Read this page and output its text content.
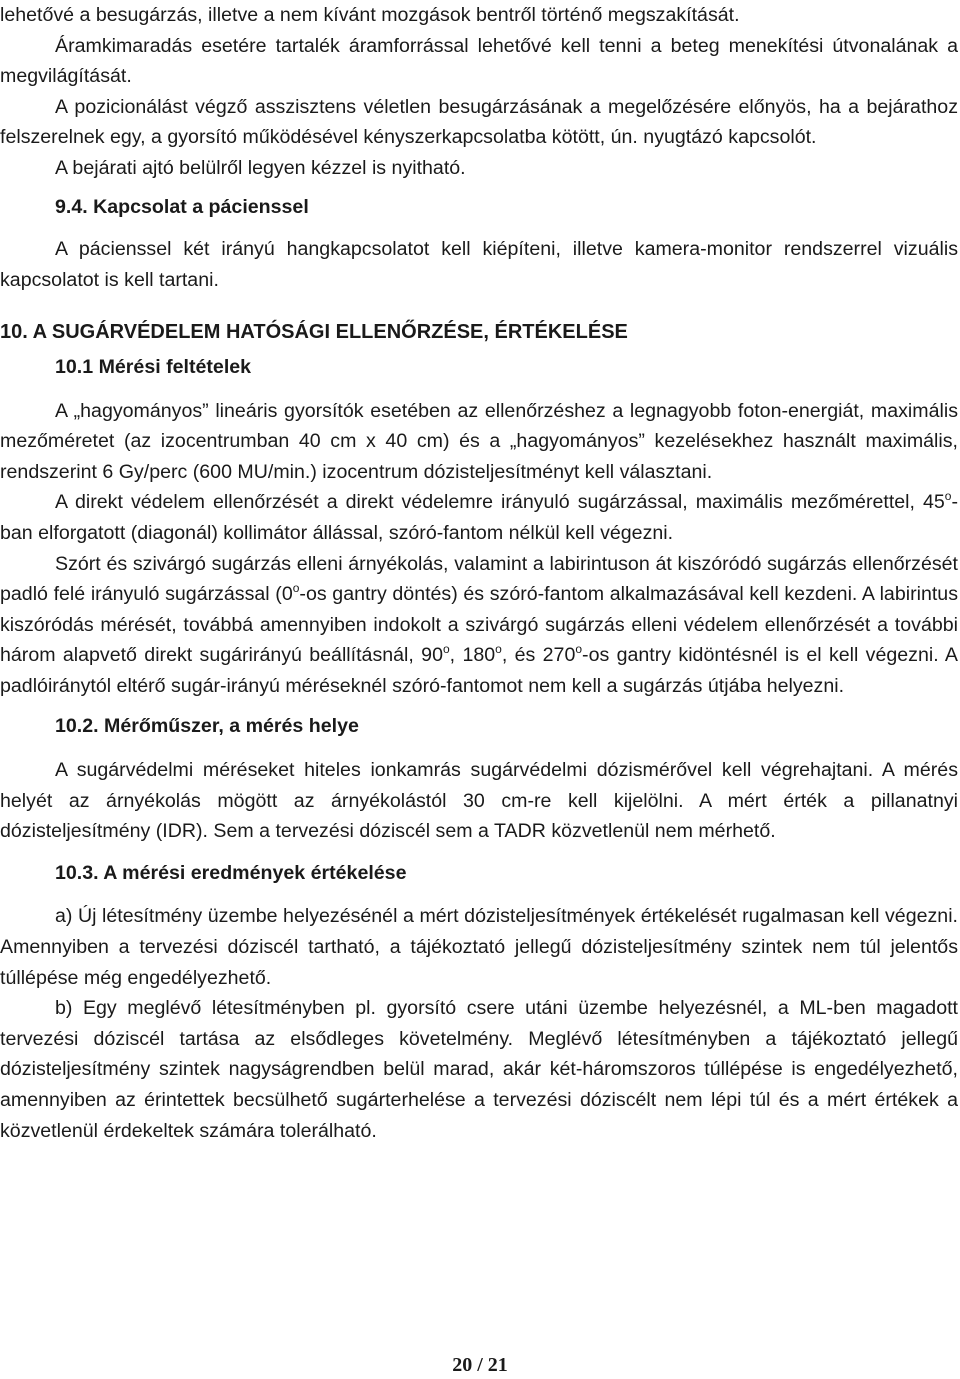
lehetővé a besugárzás, illetve a nem kívánt mozgások bentről történő megszakítását.

Áramkimaradás esetére tartalék áramforrással lehetővé kell tenni a beteg menekítési útvonalának a megvilágítását.

A pozicionálást végző asszisztens véletlen besugárzásának a megelőzésére előnyös, ha a bejárathoz felszerelnek egy, a gyorsító működésével kényszerkapcsolatba kötött, ún. nyugtázó kapcsolót.

A bejárati ajtó belülről legyen kézzel is nyitható.

9.4. Kapcsolat a pácienssel

A pácienssel két irányú hangkapcsolatot kell kiépíteni, illetve kamera-monitor rendszerrel vizuális kapcsolatot is kell tartani.

10. A SUGÁRVÉDELEM HATÓSÁGI ELLENŐRZÉSE, ÉRTÉKELÉSE

10.1 Mérési feltételek

A „hagyományos” lineáris gyorsítók esetében az ellenőrzéshez a legnagyobb foton-energiát, maximális mezőméretet (az izocentrumban 40 cm x 40 cm) és a „hagyományos” kezelésekhez használt maximális, rendszerint 6 Gy/perc (600 MU/min.) izocentrum dózisteljesítményt kell választani.

A direkt védelem ellenőrzését a direkt védelemre irányuló sugárzással, maximális mezőmérettel, 45$^o$-ban elforgatott (diagonál) kollimátor állással, szóró-fantom nélkül kell végezni.

Szórt és szivárgó sugárzás elleni árnyékolás, valamint a labirintuson át kiszóródó sugárzás ellenőrzését padló felé irányuló sugárzással (0$^o$-os gantry döntés) és szóró-fantom alkalmazásával kell kezdeni. A labirintus kiszóródás mérését, továbbá amennyiben indokolt a szivárgó sugárzás elleni védelem ellenőrzését a további három alapvető direkt sugárirányú beállításnál, 90$^o$, 180$^o$, és 270$^o$-os gantry kidöntésnél is el kell végezni. A padlóiránytól eltérő sugár-irányú méréseknél szóró-fantomot nem kell a sugárzás útjába helyezni.

10.2. Mérőműszer, a mérés helye

A sugárvédelmi méréseket hiteles ionkamrás sugárvédelmi dózismérővel kell végrehajtani. A mérés helyét az árnyékolás mögött az árnyékolástól 30 cm-re kell kijelölni. A mért érték a pillanatnyi dózisteljesítmény (IDR). Sem a tervezési dóziscél sem a TADR közvetlenül nem mérhető.

10.3. A mérési eredmények értékelése

a) Új létesítmény üzembe helyezésénél a mért dózisteljesítmények értékelését rugalmasan kell végezni. Amennyiben a tervezési dóziscél tartható, a tájékoztató jellegű dózisteljesítmény szintek nem túl jelentős túllépése még engedélyezhető.

b) Egy meglévő létesítményben pl. gyorsító csere utáni üzembe helyezésnél, a ML-ben magadott tervezési dóziscél tartása az elsődleges követelmény. Meglévő létesítményben a tájékoztató jellegű dózisteljesítmény szintek nagyságrendben belül marad, akár két-háromszoros túllépése is engedélyezhető, amennyiben az érintettek becsülhető sugárterhelése a tervezési dóziscélt nem lépi túl és a mért értékek a közvetlenül érdekeltek számára tolerálható.

20 / 21
